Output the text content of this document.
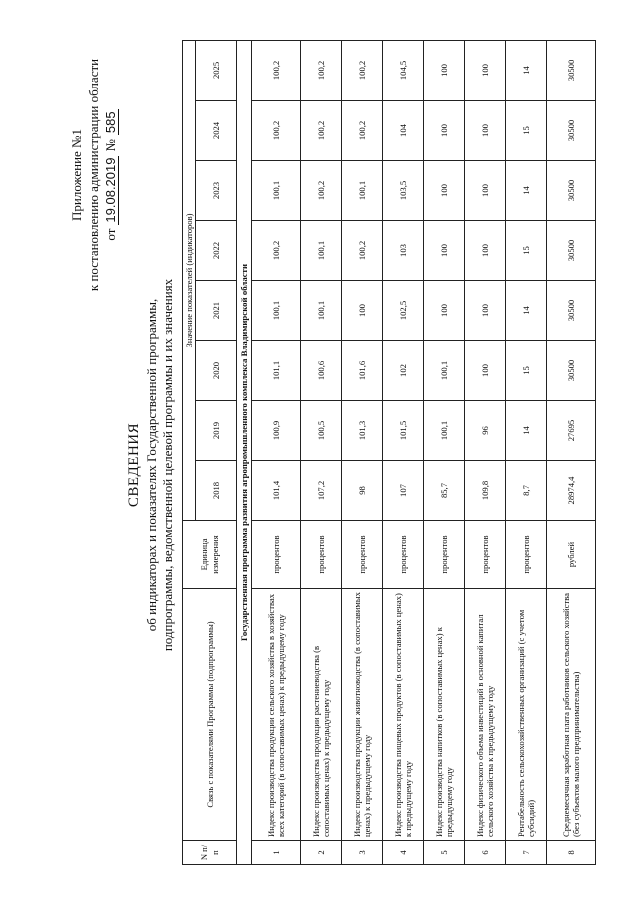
Приложение №1 к постановлению администрации области от
19.08.2019
№
585
СВЕДЕНИЯ об индикаторах и показателях Государственной программы, подпрограммы, ведомственной целевой программы и их значениях
N п/п	Связь с показателями Программы (подпрограммы)	Единица измерения	Значение показателей (индикаторов)							
			2018	2019	2020	2021	2022	2023	2024	2025
Государственная программа развития агропромышленного комплекса Владимирской области										
1	Индекс производства продукции сельского хозяйства в хозяйствах всех категорий (в сопоставимых ценах) к предыдущему году	процентов	101,4	100,9	101,1	100,1	100,2	100,1	100,2	100,2
2	Индекс производства продукции растениеводства (в сопоставимых ценах) к предыдущему году	процентов	107,2	100,5	100,6	100,1	100,1	100,2	100,2	100,2
3	Индекс производства продукции животноводства (в сопоставимых ценах) к предыдущему году	процентов	98	101,3	101,6	100	100,2	100,1	100,2	100,2
4	Индекс производства пищевых продуктов (в сопоставимых ценах) к предыдущему году	процентов	107	101,5	102	102,5	103	103,5	104	104,5
5	Индекс производства напитков (в сопоставимых ценах) к предыдущему году	процентов	85,7	100,1	100,1	100	100	100	100	100
6	Индекс физического объема инвестиций в основной капитал сельского хозяйства к предыдущему году	процентов	109,8	96	100	100	100	100	100	100
7	Рентабельность сельскохозяйственных организаций (с учетом субсидий)	процентов	8,7	14	15	14	15	14	15	14
8	Среднемесячная заработная плата работников сельского хозяйства (без субъектов малого предпринимательства)	рублей	28974,4	27695	30500	30500	30500	30500	30500	30500
